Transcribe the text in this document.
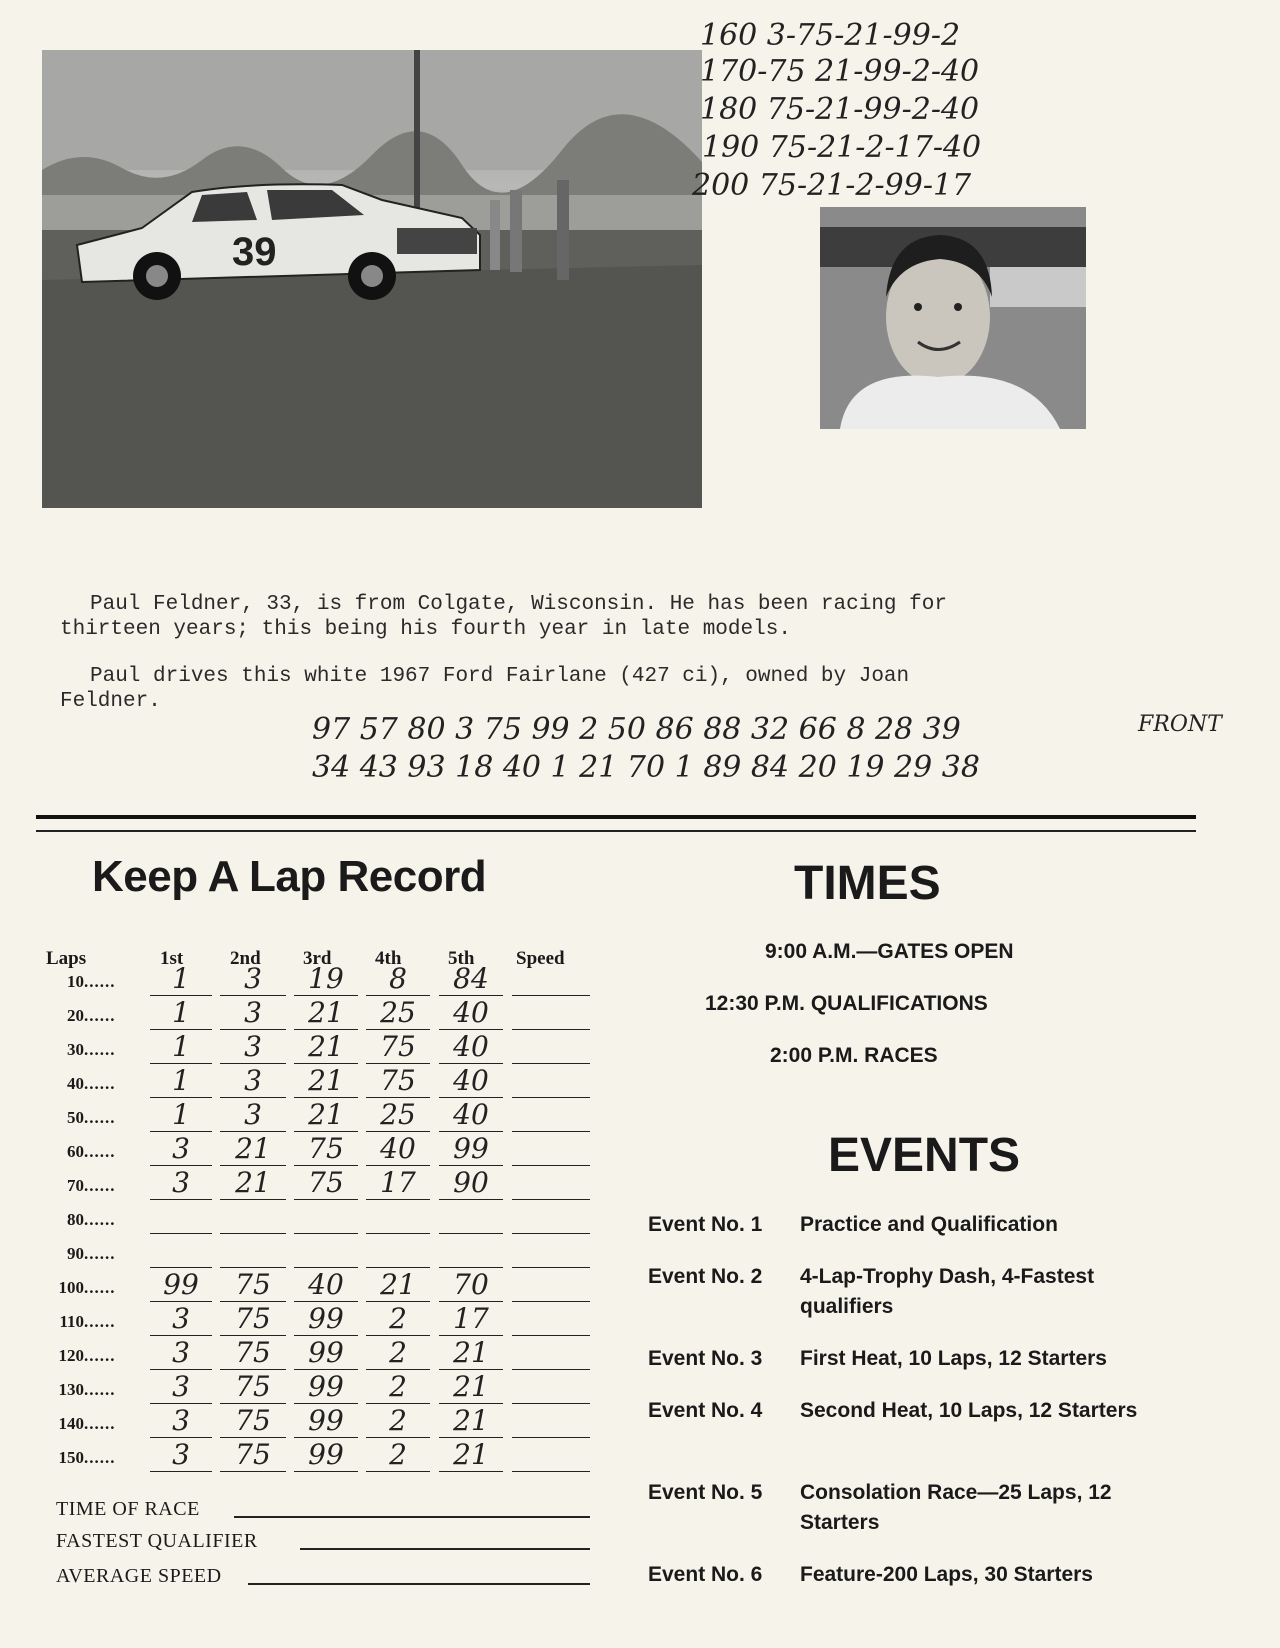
39
160 3-75-21-99-2
170-75 21-99-2-40
180 75-21-99-2-40
190 75-21-2-17-40
200 75-21-2-99-17
Paul Feldner, 33, is from Colgate, Wisconsin. He has been racing for
thirteen years; this being his fourth year in late models.
Paul drives this white 1967 Ford Fairlane (427 ci), owned by Joan
Feldner.
97 57 80 3 75 99 2 50 86 88 32 66 8 28 39
34 43 93 18 40 1 21 70 1 89 84 20 19 29 38
FRONT
Keep A Lap Record	TIMES
Laps	1st 2nd 3rd 4th 5th Speed
10......	1	3	19	8	84
20......	1	3	21	25	40
30......	1	3	21	75	40
40......	1	3	21	75	40
50......	1	3	21	25	40
60......	3	21	75	40	99
70......	3	21	75	17	90
80......
90......
100......	99	75	40	21	70
110......	3	75	99	2	17
120......	3	75	99	2	21
130......	3	75	99	2	21
140......	3	75	99	2	21
150......	3	75	99	2	21
TIME OF RACE
FASTEST QUALIFIER
AVERAGE SPEED
9:00 A.M.—GATES OPEN
12:30 P.M. QUALIFICATIONS
2:00 P.M. RACES
EVENTS
Event No. 1	Practice and Qualification
Event No. 2	4-Lap-Trophy Dash, 4-Fastest qualifiers
Event No. 3	First Heat, 10 Laps, 12 Starters
Event No. 4	Second Heat, 10 Laps, 12 Starters
Event No. 5	Consolation Race—25 Laps, 12 Starters
Event No. 6	Feature-200 Laps, 30 Starters
